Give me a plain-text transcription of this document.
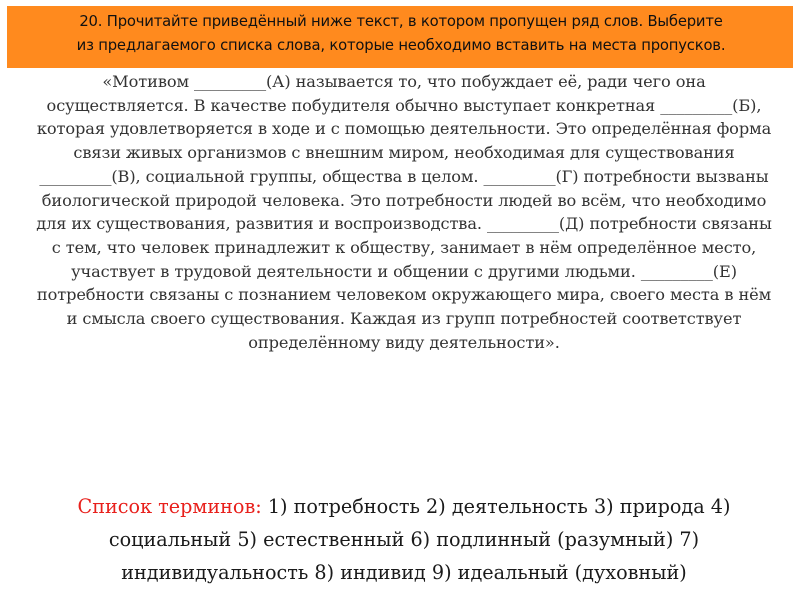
20. Прочитайте приведённый ниже текст, в котором пропущен ряд слов. Выберите
из предлагаемого списка слова, которые необходимо вставить на места пропусков.

«Мотивом _________(А) называется то, что побуждает её, ради чего она осуществляется. В качестве побудителя обычно выступает конкретная _________(Б), которая удовлетворяется в ходе и с помощью деятельности. Это определённая форма связи живых организмов с внешним миром, необходимая для существования _________(В), социальной группы, общества в целом. _________(Г) потребности вызваны биологической природой человека. Это потребности людей во всём, что необходимо для их существования, развития и воспроизводства. _________(Д) потребности связаны с тем, что человек принадлежит к обществу, занимает в нём определённое место, участвует в трудовой деятельности и общении с другими людьми. _________(Е) потребности связаны с познанием человеком окружающего мира, своего места в нём и смысла своего существования. Каждая из групп потребностей соответствует определённому виду деятельности».

Список терминов: 1) потребность 2) деятельность 3) природа 4) социальный 5) естественный 6) подлинный (разумный) 7) индивидуальность 8) индивид 9) идеальный (духовный)
